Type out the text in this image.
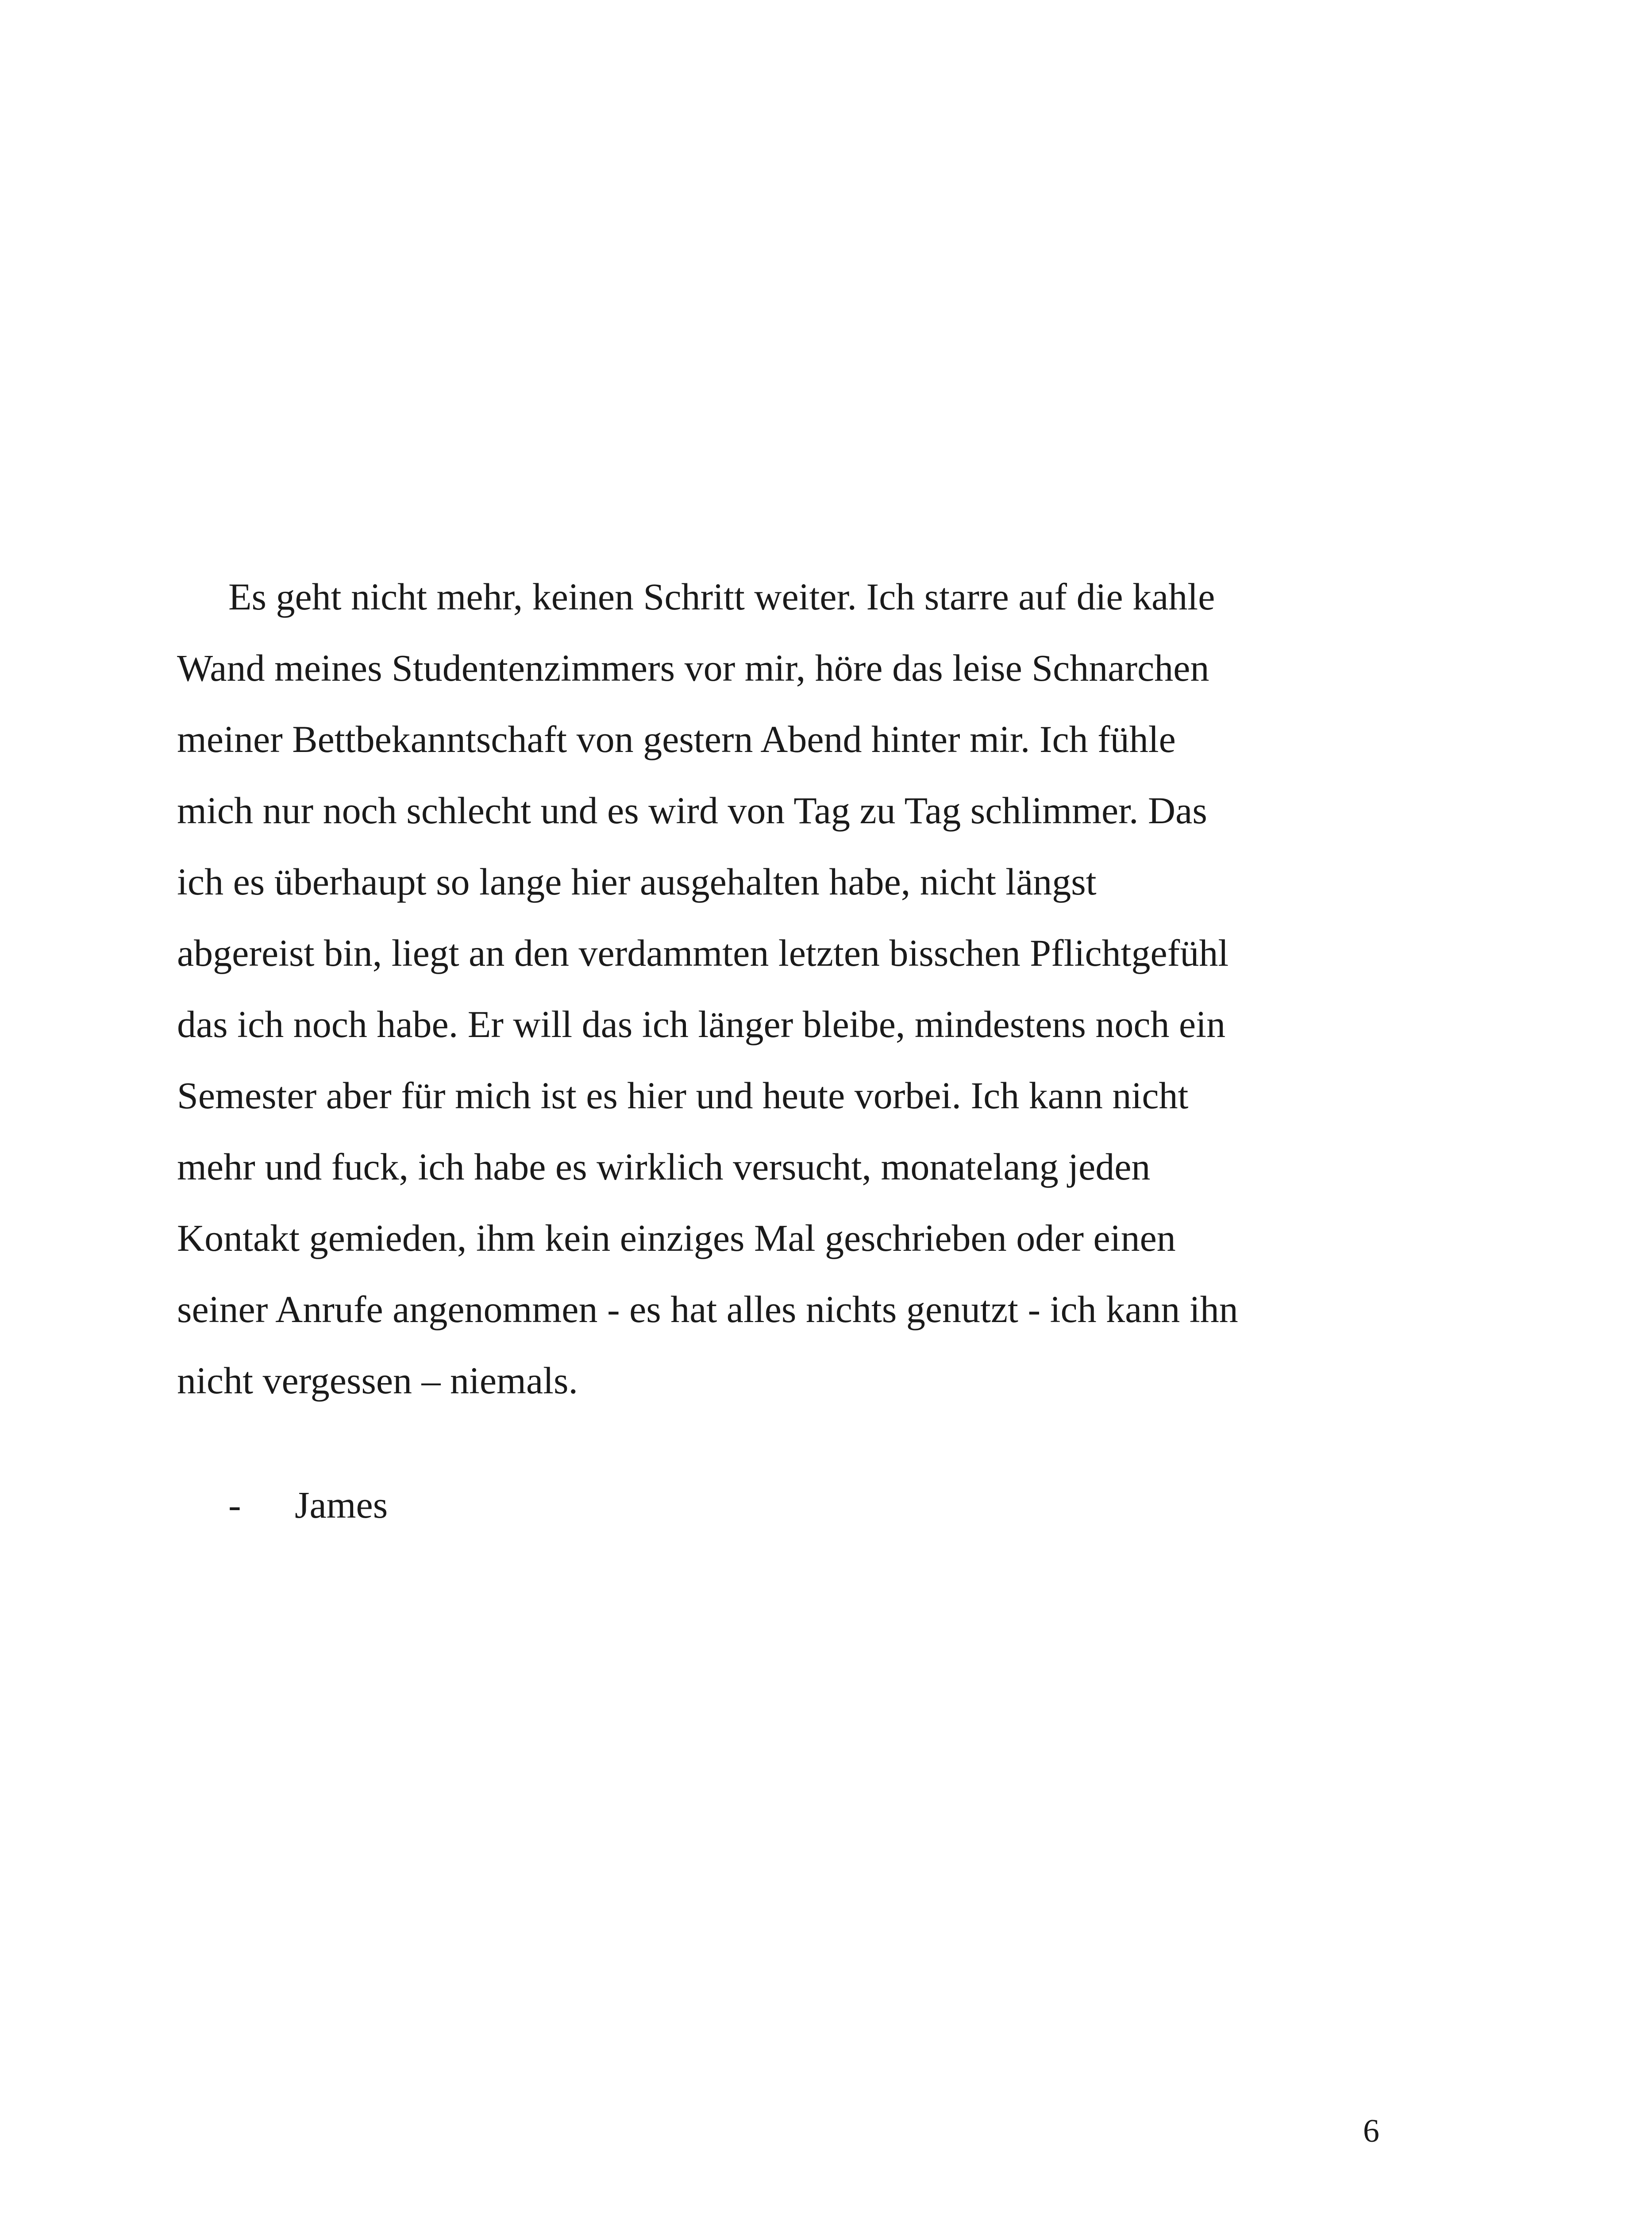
Es geht nicht mehr, keinen Schritt weiter. Ich starre auf die kahle
Wand meines Studentenzimmers vor mir, höre das leise Schnarchen
meiner Bettbekanntschaft von gestern Abend hinter mir. Ich fühle
mich nur noch schlecht und es wird von Tag zu Tag schlimmer. Das
ich es überhaupt so lange hier ausgehalten habe, nicht längst
abgereist bin, liegt an den verdammten letzten bisschen Pflichtgefühl
das ich noch habe. Er will das ich länger bleibe, mindestens noch ein
Semester aber für mich ist es hier und heute vorbei. Ich kann nicht
mehr und fuck, ich habe es wirklich versucht, monatelang jeden
Kontakt gemieden, ihm kein einziges Mal geschrieben oder einen
seiner Anrufe angenommen - es hat alles nichts genutzt - ich kann ihn
nicht vergessen – niemals.
- James
6
